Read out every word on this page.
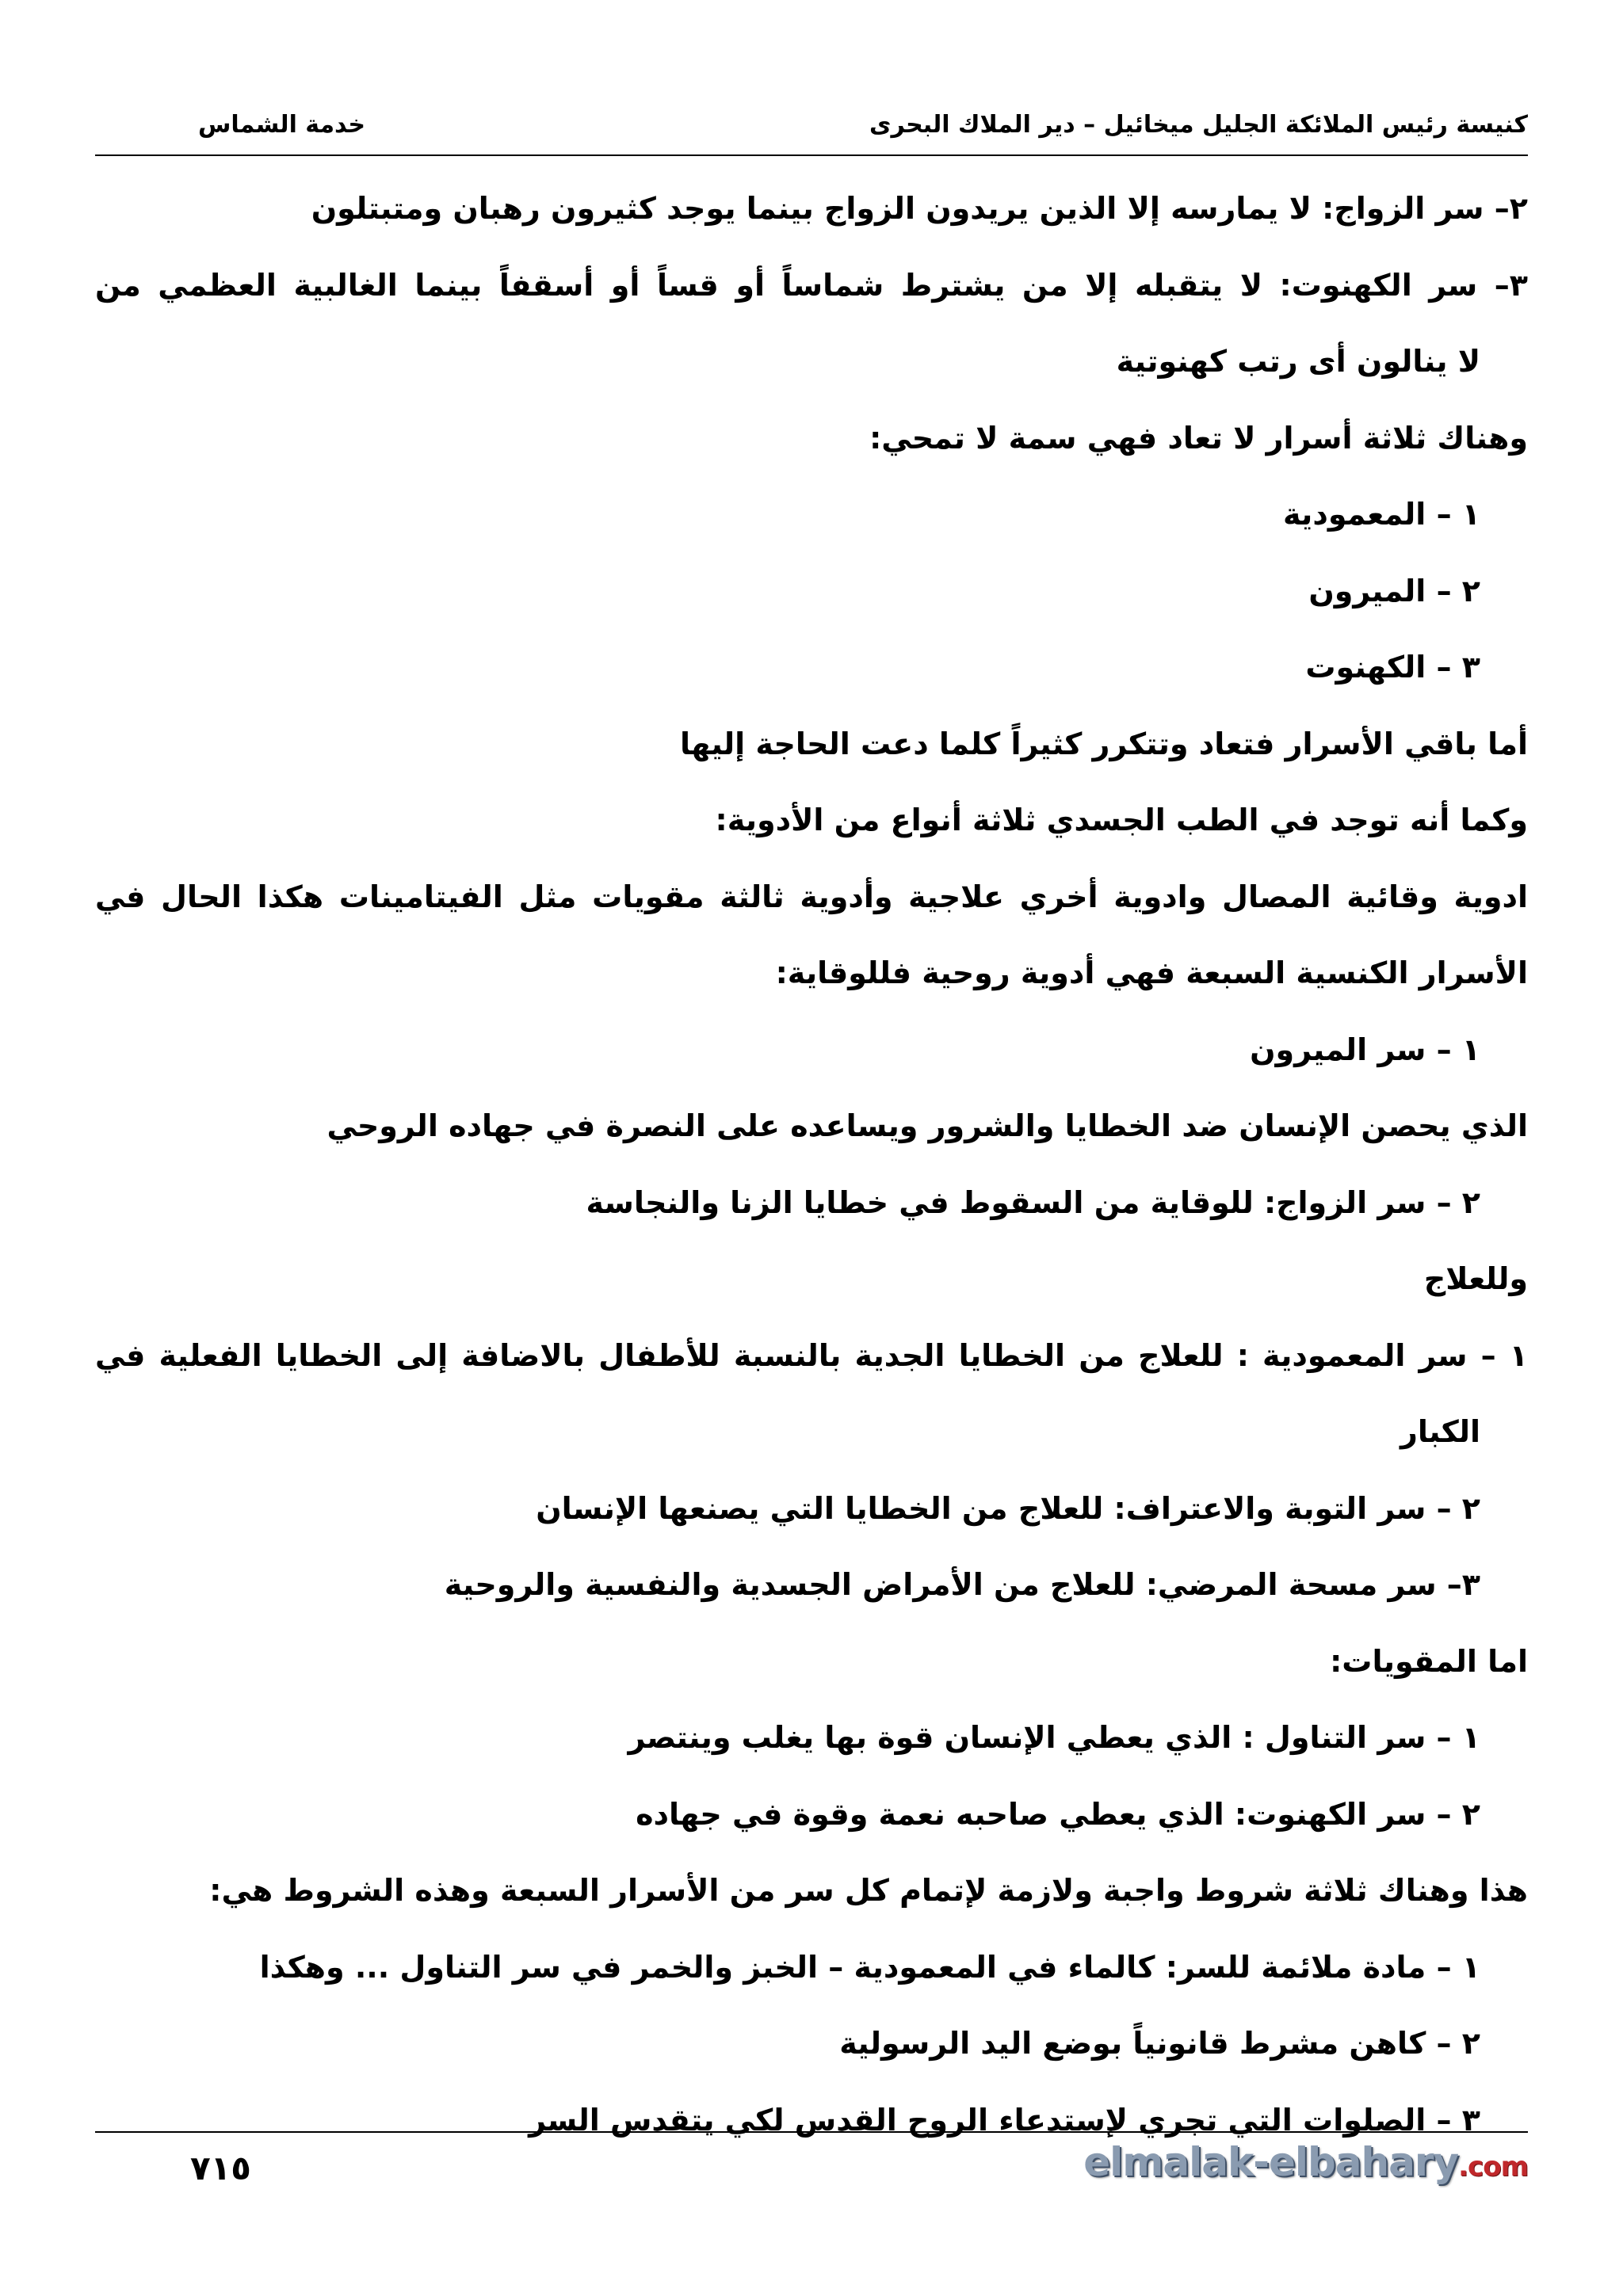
كنيسة رئيس الملائكة الجليل ميخائيل – دير الملاك البحرى
خدمة الشماس
٢– سر الزواج: لا يمارسه إلا الذين يريدون الزواج بينما يوجد كثيرون رهبان ومتبتلون
٣– سر الكهنوت: لا يتقبله إلا من يشترط شماساً أو قساً أو أسقفاً بينما الغالبية العظمي من
لا ينالون أى رتب كهنوتية
وهناك ثلاثة أسرار لا تعاد فهي سمة لا تمحي:
١ – المعمودية
٢ – الميرون
٣ – الكهنوت
أما باقي الأسرار فتعاد وتتكرر كثيراً كلما دعت الحاجة إليها
وكما أنه توجد في الطب الجسدي ثلاثة أنواع من الأدوية:
ادوية وقائية المصال وادوية أخري علاجية وأدوية ثالثة مقويات مثل الفيتامينات هكذا الحال في
الأسرار الكنسية السبعة فهي أدوية روحية فللوقاية:
١ – سر الميرون
الذي يحصن الإنسان ضد الخطايا والشرور ويساعده على النصرة في جهاده الروحي
٢ – سر الزواج: للوقاية من السقوط في خطايا الزنا والنجاسة
وللعلاج
١ – سر المعمودية : للعلاج من الخطايا الجدية بالنسبة للأطفال بالاضافة إلى الخطايا الفعلية في
الكبار
٢ – سر التوبة والاعتراف: للعلاج من الخطايا التي يصنعها الإنسان
٣– سر مسحة المرضي: للعلاج من الأمراض الجسدية والنفسية والروحية
اما المقويات:
١ – سر التناول : الذي يعطي الإنسان قوة بها يغلب وينتصر
٢ – سر الكهنوت: الذي يعطي صاحبه نعمة وقوة في جهاده
هذا وهناك ثلاثة شروط واجبة ولازمة لإتمام كل سر من الأسرار السبعة وهذه الشروط هي:
١ – مادة ملائمة للسر: كالماء في المعمودية – الخبز والخمر في سر التناول ... وهكذا
٢ – كاهن مشرط قانونياً بوضع اليد الرسولية
٣ – الصلوات التي تجري لإستدعاء الروح القدس لكي يتقدس السر
٧١٥	elmalak-elbahary.com
